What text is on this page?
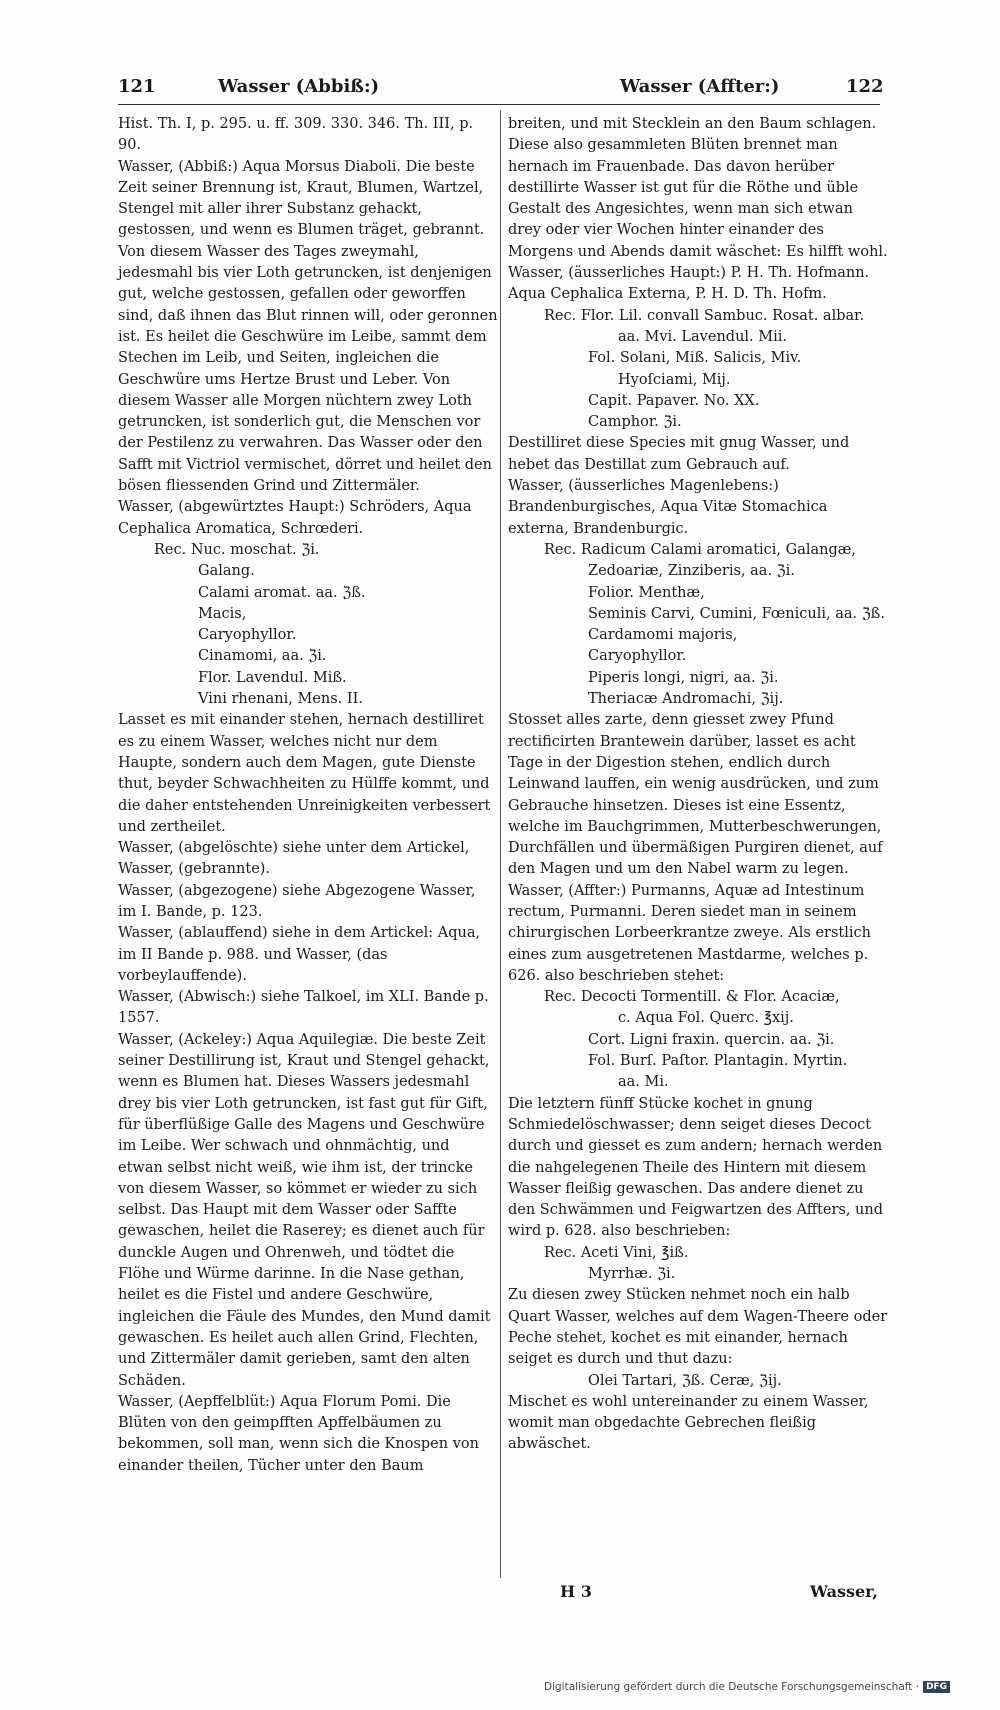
121	Wasser (Abbiß:)	Wasser (Affter:)	122

Hist. Th. I, p. 295. u. ff. 309. 330. 346. Th. III, p. 90.

Wasser, (Abbiß:) Aqua Morsus Diaboli. Die beste Zeit seiner Brennung ist, Kraut, Blumen, Wartzel, Stengel mit aller ihrer Substanz gehackt, gestossen, und wenn es Blumen träget, gebrannt. Von diesem Wasser des Tages zweymahl, jedesmahl bis vier Loth getruncken, ist denjenigen gut, welche gestossen, gefallen oder geworffen sind, daß ihnen das Blut rinnen will, oder geronnen ist. Es heilet die Geschwüre im Leibe, sammt dem Stechen im Leib, und Seiten, ingleichen die Geschwüre ums Hertze Brust und Leber. Von diesem Wasser alle Morgen nüchtern zwey Loth getruncken, ist sonderlich gut, die Menschen vor der Pestilenz zu verwahren. Das Wasser oder den Safft mit Victriol vermischet, dörret und heilet den bösen fliessenden Grind und Zittermäler.

Wasser, (abgewürtztes Haupt:) Schröders, Aqua Cephalica Aromatica, Schrœderi.

Rec. Nuc. moschat. ℨi.

Galang.

Calami aromat. aa. ℨß.

Macis,

Caryophyllor.

Cinamomi, aa. ℨi.

Flor. Lavendul. Miß.

Vini rhenani, Mens. II.

Lasset es mit einander stehen, hernach destilliret es zu einem Wasser, welches nicht nur dem Haupte, sondern auch dem Magen, gute Dienste thut, beyder Schwachheiten zu Hülffe kommt, und die daher entstehenden Unreinigkeiten verbessert und zertheilet.

Wasser, (abgelöschte) siehe unter dem Artickel, Wasser, (gebrannte).

Wasser, (abgezogene) siehe Abgezogene Wasser, im I. Bande, p. 123.

Wasser, (ablauffend) siehe in dem Artickel: Aqua, im II Bande p. 988. und Wasser, (das vorbeylauffende).

Wasser, (Abwisch:) siehe Talkoel, im XLI. Bande p. 1557.

Wasser, (Ackeley:) Aqua Aquilegiæ. Die beste Zeit seiner Destillirung ist, Kraut und Stengel gehackt, wenn es Blumen hat. Dieses Wassers jedesmahl drey bis vier Loth getruncken, ist fast gut für Gift, für überflüßige Galle des Magens und Geschwüre im Leibe. Wer schwach und ohnmächtig, und etwan selbst nicht weiß, wie ihm ist, der trincke von diesem Wasser, so kömmet er wieder zu sich selbst. Das Haupt mit dem Wasser oder Saffte gewaschen, heilet die Raserey; es dienet auch für dunckle Augen und Ohrenweh, und tödtet die Flöhe und Würme darinne. In die Nase gethan, heilet es die Fistel und andere Geschwüre, ingleichen die Fäule des Mundes, den Mund damit gewaschen. Es heilet auch allen Grind, Flechten, und Zittermäler damit gerieben, samt den alten Schäden.

Wasser, (Aepffelblüt:) Aqua Florum Pomi. Die Blüten von den geimpfften Apffelbäumen zu bekommen, soll man, wenn sich die Knospen von einander theilen, Tücher unter den Baum

breiten, und mit Stecklein an den Baum schlagen. Diese also gesammleten Blüten brennet man hernach im Frauenbade. Das davon herüber destillirte Wasser ist gut für die Röthe und üble Gestalt des Angesichtes, wenn man sich etwan drey oder vier Wochen hinter einander des Morgens und Abends damit wäschet: Es hilfft wohl.

Wasser, (äusserliches Haupt:) P. H. Th. Hofmann. Aqua Cephalica Externa, P. H. D. Th. Hofm.

Rec. Flor. Lil. convall Sambuc. Rosat. albar.

aa. Mvi. Lavendul. Mii.

Fol. Solani, Miß. Salicis, Miv.

Hyoſciami, Mij.

Capit. Papaver. No. XX.

Camphor. ℨi.

Destilliret diese Species mit gnug Wasser, und hebet das Destillat zum Gebrauch auf.

Wasser, (äusserliches Magenlebens:) Brandenburgisches, Aqua Vitæ Stomachica externa, Brandenburgic.

Rec. Radicum Calami aromatici, Galangæ,

Zedoariæ, Zinziberis, aa. ℨi.

Folior. Menthæ,

Seminis Carvi, Cumini, Fœniculi, aa. ℨß.

Cardamomi majoris,

Caryophyllor.

Piperis longi, nigri, aa. ℨi.

Theriacæ Andromachi, ℨij.

Stosset alles zarte, denn giesset zwey Pfund rectificirten Brantewein darüber, lasset es acht Tage in der Digestion stehen, endlich durch Leinwand lauffen, ein wenig ausdrücken, und zum Gebrauche hinsetzen. Dieses ist eine Essentz, welche im Bauchgrimmen, Mutterbeschwerungen, Durchfällen und übermäßigen Purgiren dienet, auf den Magen und um den Nabel warm zu legen.

Wasser, (Affter:) Purmanns, Aquæ ad Intestinum rectum, Purmanni. Deren siedet man in seinem chirurgischen Lorbeerkrantze zweye. Als erstlich eines zum ausgetretenen Mastdarme, welches p. 626. also beschrieben stehet:

Rec. Decocti Tormentill. & Flor. Acaciæ,

c. Aqua Fol. Querc. ℥xij.

Cort. Ligni fraxin. quercin. aa. ℨi.

Fol. Burſ. Paſtor. Plantagin. Myrtin.

aa. Mi.

Die letztern fünff Stücke kochet in gnung Schmiedelöschwasser; denn seiget dieses Decoct durch und giesset es zum andern; hernach werden die nahgelegenen Theile des Hintern mit diesem Wasser fleißig gewaschen. Das andere dienet zu den Schwämmen und Feigwartzen des Affters, und wird p. 628. also beschrieben:

Rec. Aceti Vini, ℥iß.

Myrrhæ. ℨi.

Zu diesen zwey Stücken nehmet noch ein halb Quart Wasser, welches auf dem Wagen-Theere oder Peche stehet, kochet es mit einander, hernach seiget es durch und thut dazu:

Olei Tartari, ℨß. Ceræ, ℨij.

Mischet es wohl untereinander zu einem Wasser, womit man obgedachte Gebrechen fleißig abwäschet.

H 3	Wasser,
Digitalisierung gefördert durch die Deutsche Forschungsgemeinschaft · DFG
